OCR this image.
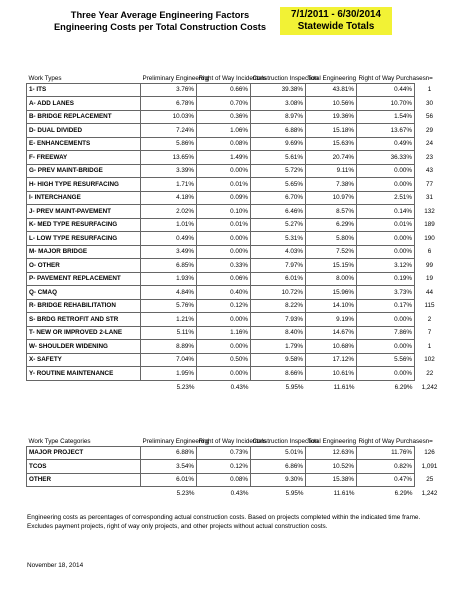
Three Year Average Engineering Factors
Engineering Costs per Total Construction Costs
7/1/2011 - 6/30/2014
Statewide Totals
Work Types	Preliminary Engineering	Right of Way Incidentals	Construction Inspection	Total Engineering	Right of Way Purchases	n=
1- ITS	3.76%	0.66%	39.38%	43.81%	0.44%	1
A- ADD LANES	6.78%	0.70%	3.08%	10.56%	10.70%	30
B- BRIDGE REPLACEMENT	10.03%	0.36%	8.97%	19.36%	1.54%	56
D- DUAL DIVIDED	7.24%	1.06%	6.88%	15.18%	13.67%	29
E- ENHANCEMENTS	5.86%	0.08%	9.69%	15.63%	0.49%	24
F- FREEWAY	13.65%	1.49%	5.61%	20.74%	36.33%	23
G- PREV MAINT-BRIDGE	3.39%	0.00%	5.72%	9.11%	0.00%	43
H- HIGH TYPE RESURFACING	1.71%	0.01%	5.65%	7.38%	0.00%	77
I- INTERCHANGE	4.18%	0.09%	6.70%	10.97%	2.51%	31
J- PREV MAINT-PAVEMENT	2.02%	0.10%	6.46%	8.57%	0.14%	132
K- MED TYPE RESURFACING	1.01%	0.01%	5.27%	6.29%	0.01%	189
L- LOW TYPE RESURFACING	0.49%	0.00%	5.31%	5.80%	0.00%	190
M- MAJOR BRIDGE	3.49%	0.00%	4.03%	7.52%	0.00%	6
O- OTHER	6.85%	0.33%	7.97%	15.15%	3.12%	99
P- PAVEMENT REPLACEMENT	1.93%	0.06%	6.01%	8.00%	0.19%	19
Q- CMAQ	4.84%	0.40%	10.72%	15.96%	3.73%	44
R- BRIDGE REHABILITATION	5.76%	0.12%	8.22%	14.10%	0.17%	115
S- BRDG RETROFIT AND STR	1.21%	0.00%	7.93%	9.19%	0.00%	2
T- NEW OR IMPROVED 2-LANE	5.11%	1.16%	8.40%	14.67%	7.86%	7
W- SHOULDER WIDENING	8.89%	0.00%	1.79%	10.68%	0.00%	1
X- SAFETY	7.04%	0.50%	9.58%	17.12%	5.56%	102
Y- ROUTINE MAINTENANCE	1.95%	0.00%	8.66%	10.61%	0.00%	22
	5.23%	0.43%	5.95%	11.61%	6.29%	1,242
Work Type Categories	Preliminary Engineering	Right of Way Incidentals	Construction Inspection	Total Engineering	Right of Way Purchases	n=
MAJOR PROJECT	6.88%	0.73%	5.01%	12.63%	11.76%	126
TCOS	3.54%	0.12%	6.86%	10.52%	0.82%	1,091
OTHER	6.01%	0.08%	9.30%	15.38%	0.47%	25
	5.23%	0.43%	5.95%	11.61%	6.29%	1,242
Engineering costs as percentages of corresponding actual construction costs. Based on projects completed within the indicated time frame. Excludes payment projects, right of way only projects, and other projects without actual construction costs.
November 18, 2014
